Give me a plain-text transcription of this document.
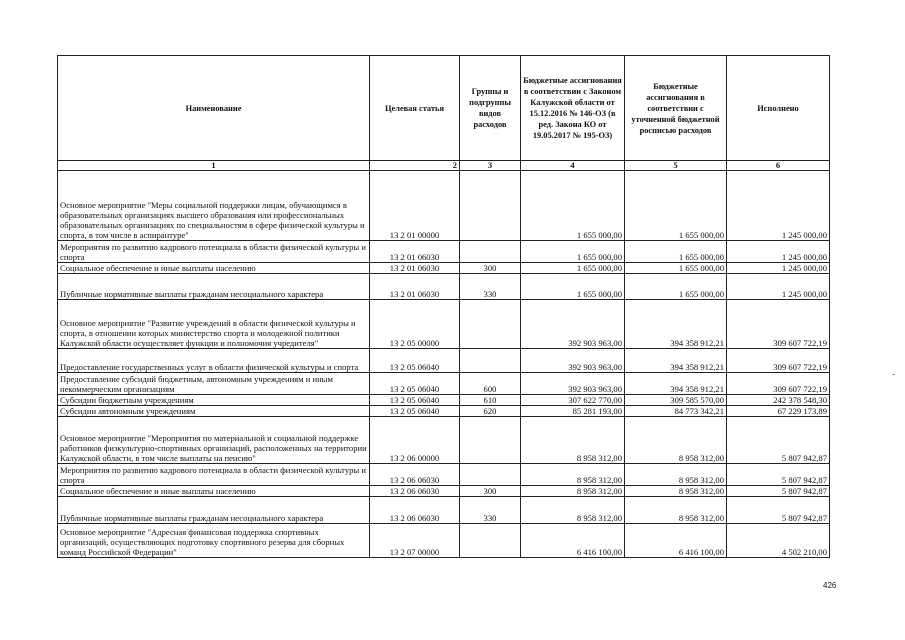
Наименование	Целевая статья	Группы и подгруппы видов расходов	Бюджетные ассигнования в соответствии с Законом Калужской области от 15.12.2016 № 146-ОЗ (в ред. Закона КО от 19.05.2017 № 195-ОЗ)	Бюджетные ассигнования в соответствии с уточненной бюджетной росписью расходов	Исполнено
1	2	3	4	5	6
Основное мероприятие "Меры социальной поддержки лицам, обучающимся в образовательных организациях высшего образования или профессиональных образовательных организациях по специальностям в сфере физической культуры и спорта, в том числе в аспирантуре"	13 2 01 00000		1 655 000,00	1 655 000,00	1 245 000,00
Мероприятия по развитию кадрового потенциала в области физической культуры и спорта	13 2 01 06030		1 655 000,00	1 655 000,00	1 245 000,00
Социальное обеспечение и иные выплаты населению	13 2 01 06030	300	1 655 000,00	1 655 000,00	1 245 000,00
Публичные нормативные выплаты гражданам несоциального характера	13 2 01 06030	330	1 655 000,00	1 655 000,00	1 245 000,00
Основное мероприятие "Развитие учреждений в области физической культуры и спорта, в отношении которых министерство спорта и молодежной политики Калужской области осуществляет функции и полномочия учредителя"	13 2 05 00000		392 903 963,00	394 358 912,21	309 607 722,19
Предоставление государственных услуг в области физической культуры и спорта	13 2 05 06040		392 903 963,00	394 358 912,21	309 607 722,19
Предоставление субсидий бюджетным, автономным учреждениям и иным некоммерческим организациям	13 2 05 06040	600	392 903 963,00	394 358 912,21	309 607 722,19
Субсидии бюджетным учреждениям	13 2 05 06040	610	307 622 770,00	309 585 570,00	242 378 548,30
Субсидии автономным учреждениям	13 2 05 06040	620	85 281 193,00	84 773 342,21	67 229 173,89
Основное мероприятие "Мероприятия по материальной и социальной поддержке работников физкультурно-спортивных организаций, расположенных на территории Калужской области, в том числе выплаты на пенсию"	13 2 06 00000		8 958 312,00	8 958 312,00	5 807 942,87
Мероприятия по развитию кадрового потенциала в области физической культуры и спорта	13 2 06 06030		8 958 312,00	8 958 312,00	5 807 942,87
Социальное обеспечение и иные выплаты населению	13 2 06 06030	300	8 958 312,00	8 958 312,00	5 807 942,87
Публичные нормативные выплаты гражданам несоциального характера	13 2 06 06030	330	8 958 312,00	8 958 312,00	5 807 942,87
Основное мероприятие "Адресная финансовая поддержка спортивных организаций, осуществляющих подготовку спортивного резерва для сборных команд Российской Федерации"	13 2 07 00000		6 416 100,00	6 416 100,00	4 502 210,00
426
